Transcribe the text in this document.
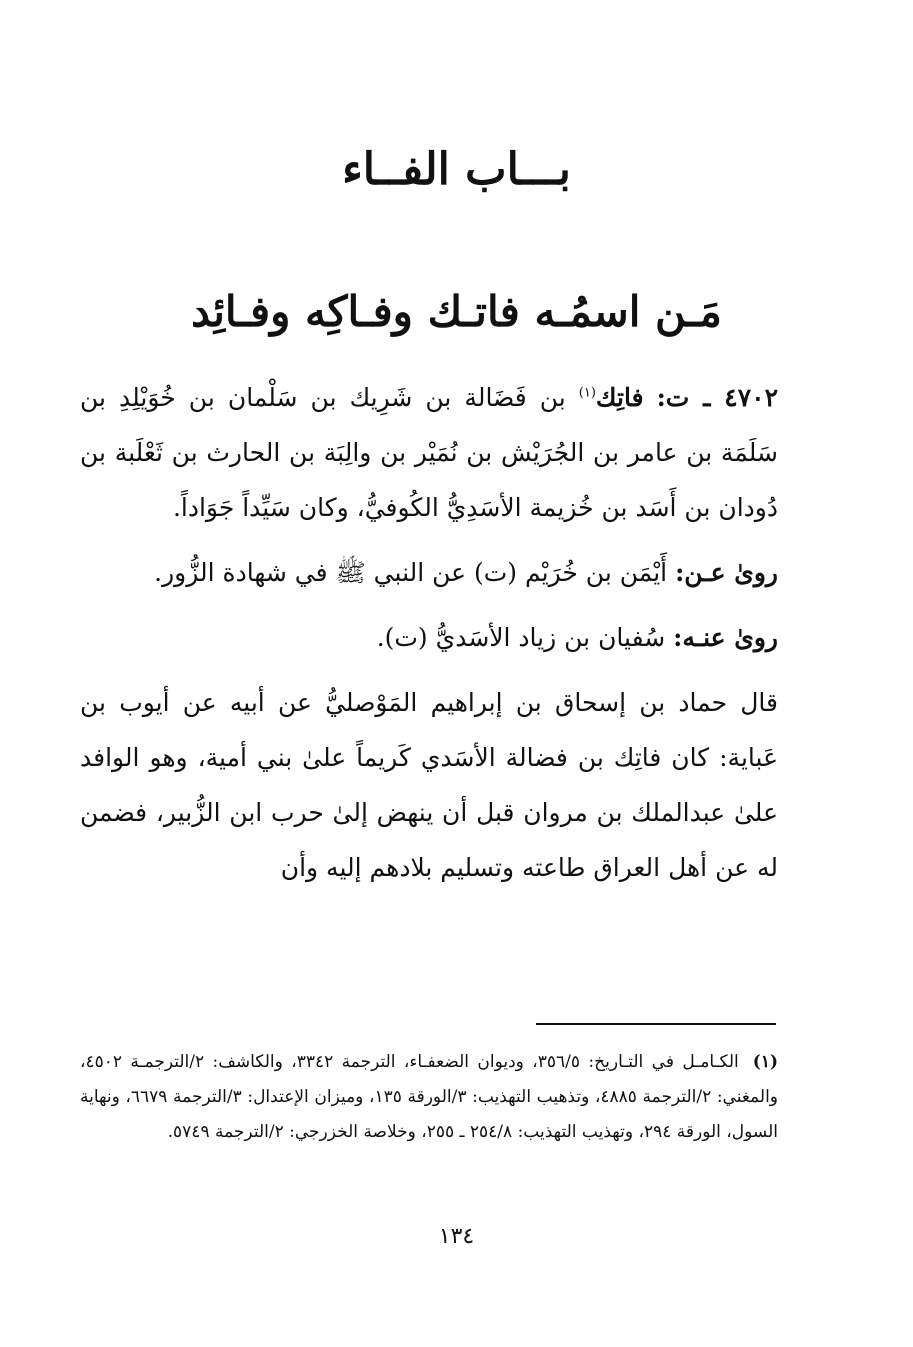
بـــاب الفــاء
مَـن اسمُـه فاتـك وفـاكِه وفـائِد

٤٧٠٢ ـ ت: فاتِك$^{(١)}$ بن فَضَالة بن شَرِيك بن سَلْمان بن خُوَيْلِدِ بن سَلَمَة بن عامر بن الجُرَيْش بن نُمَيْر بن والِبَة بن الحارث بن ثَعْلَبة بن دُودان بن أَسَد بن خُزيمة الأسَدِيُّ الكُوفيُّ، وكان سَيِّداً جَوَاداً.

روىٰ عـن: أَيْمَن بن خُرَيْم (ت) عن النبي ﷺ في شهادة الزُّور.

روىٰ عنـه: سُفيان بن زياد الأسَديُّ (ت).

قال حماد بن إسحاق بن إبراهيم المَوْصليُّ عن أبيه عن أيوب بن عَباية: كان فاتِك بن فضالة الأسَدي كَريماً علىٰ بني أمية، وهو الوافد علىٰ عبدالملك بن مروان قبل أن ينهض إلىٰ حرب ابن الزُّبير، فضمن له عن أهل العراق طاعته وتسليم بلادهم إليه وأن

(١)الكـامـل في التـاريخ: ٣٥٦/٥، وديوان الضعفـاء، الترجمة ٣٣٤٢، والكاشف: ٢/الترجمـة ٤٥٠٢، والمغني: ٢/الترجمة ٤٨٨٥، وتذهيب التهذيب: ٣/الورقة ١٣٥، وميزان الإعتدال: ٣/الترجمة ٦٦٧٩، ونهاية السول، الورقة ٢٩٤، وتهذيب التهذيب: ٢٥٤/٨ ـ ٢٥٥، وخلاصة الخزرجي: ٢/الترجمة ٥٧٤٩.
١٣٤
